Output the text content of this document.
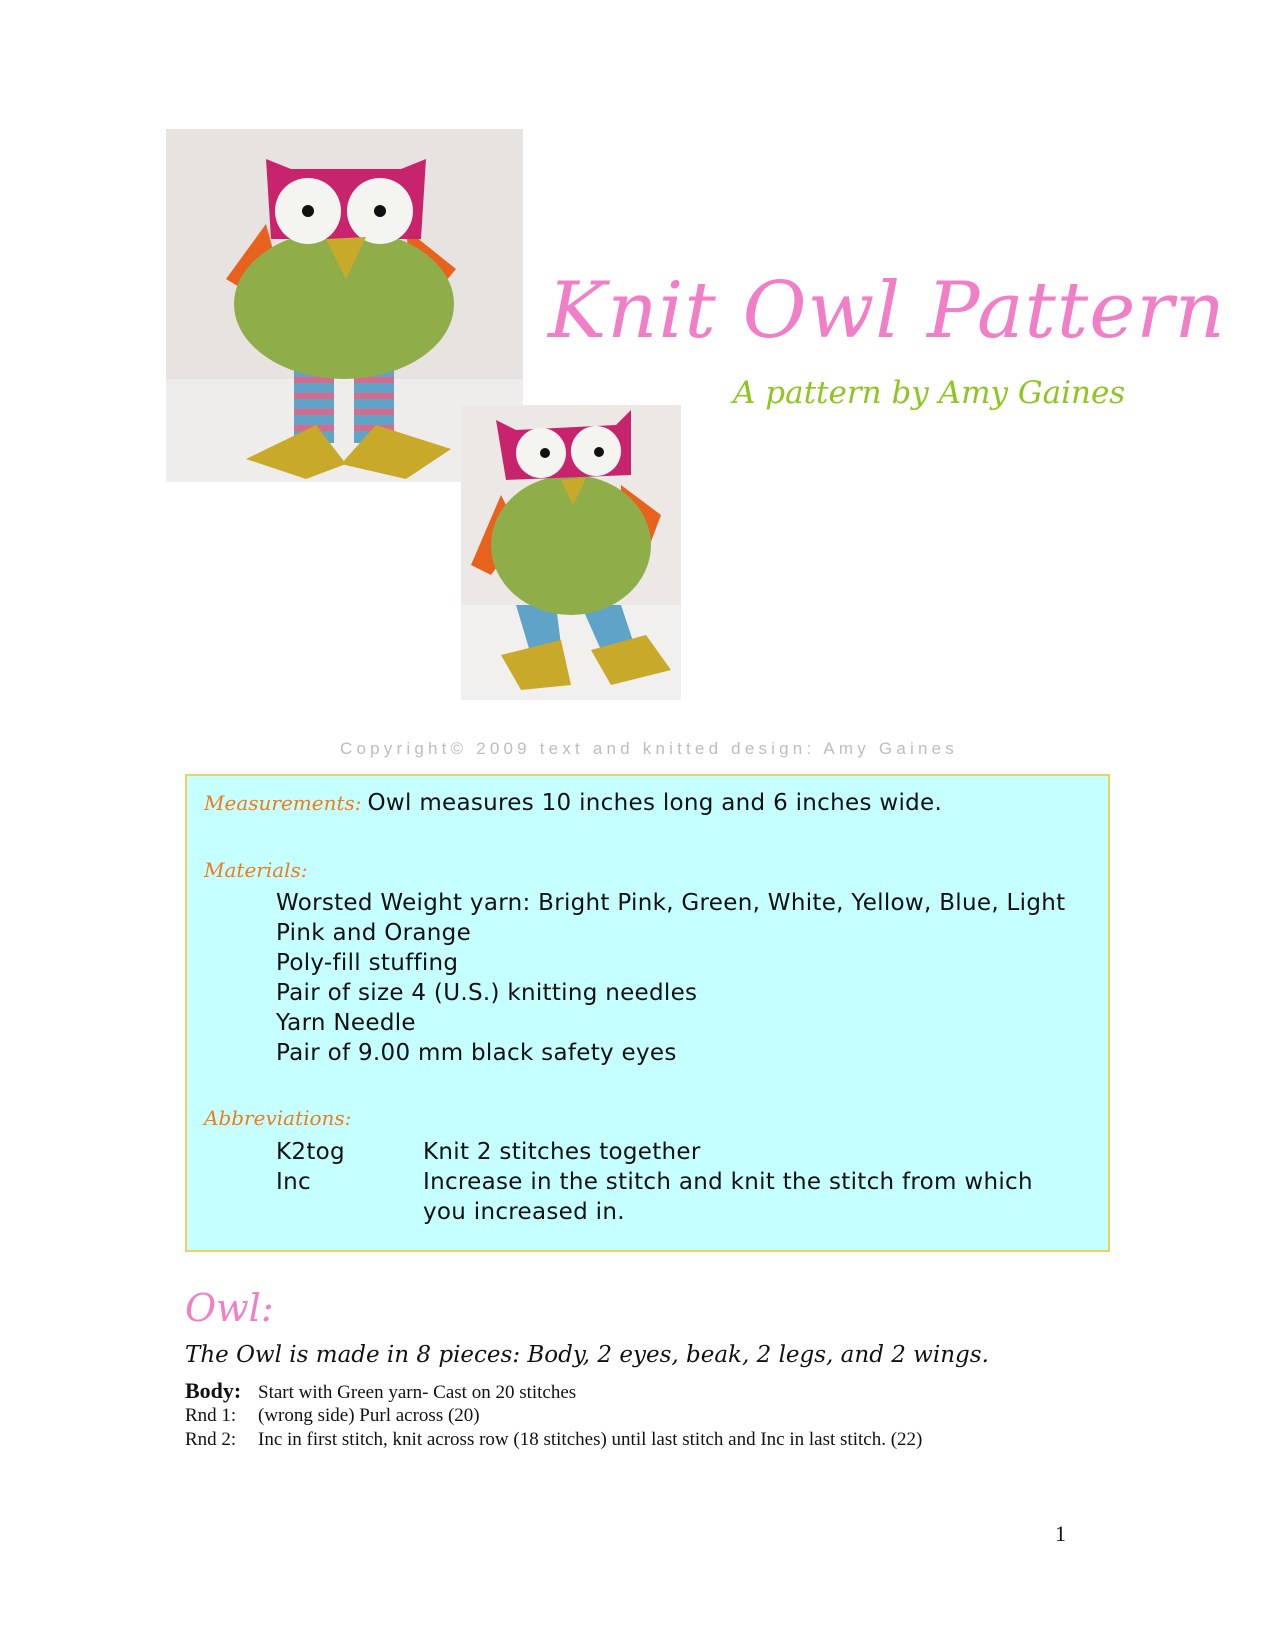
Knit Owl Pattern
A pattern by Amy Gaines
Copyright© 2009 text and knitted design: Amy Gaines
Measurements: Owl measures 10 inches long and 6 inches wide.
Materials:
Worsted Weight yarn: Bright Pink, Green, White, Yellow, Blue, Light Pink and Orange
Poly-fill stuffing
Pair of size 4 (U.S.) knitting needles
Yarn Needle
Pair of 9.00 mm black safety eyes
Abbreviations:
K2tog	Knit 2 stitches together
Inc	Increase in the stitch and knit the stitch from which you increased in.
Owl:
The Owl is made in 8 pieces: Body, 2 eyes, beak, 2 legs, and 2 wings.
Body: Start with Green yarn- Cast on 20 stitches
Rnd 1: (wrong side) Purl across (20)
Rnd 2: Inc in first stitch, knit across row (18 stitches) until last stitch and Inc in last stitch. (22)
1
